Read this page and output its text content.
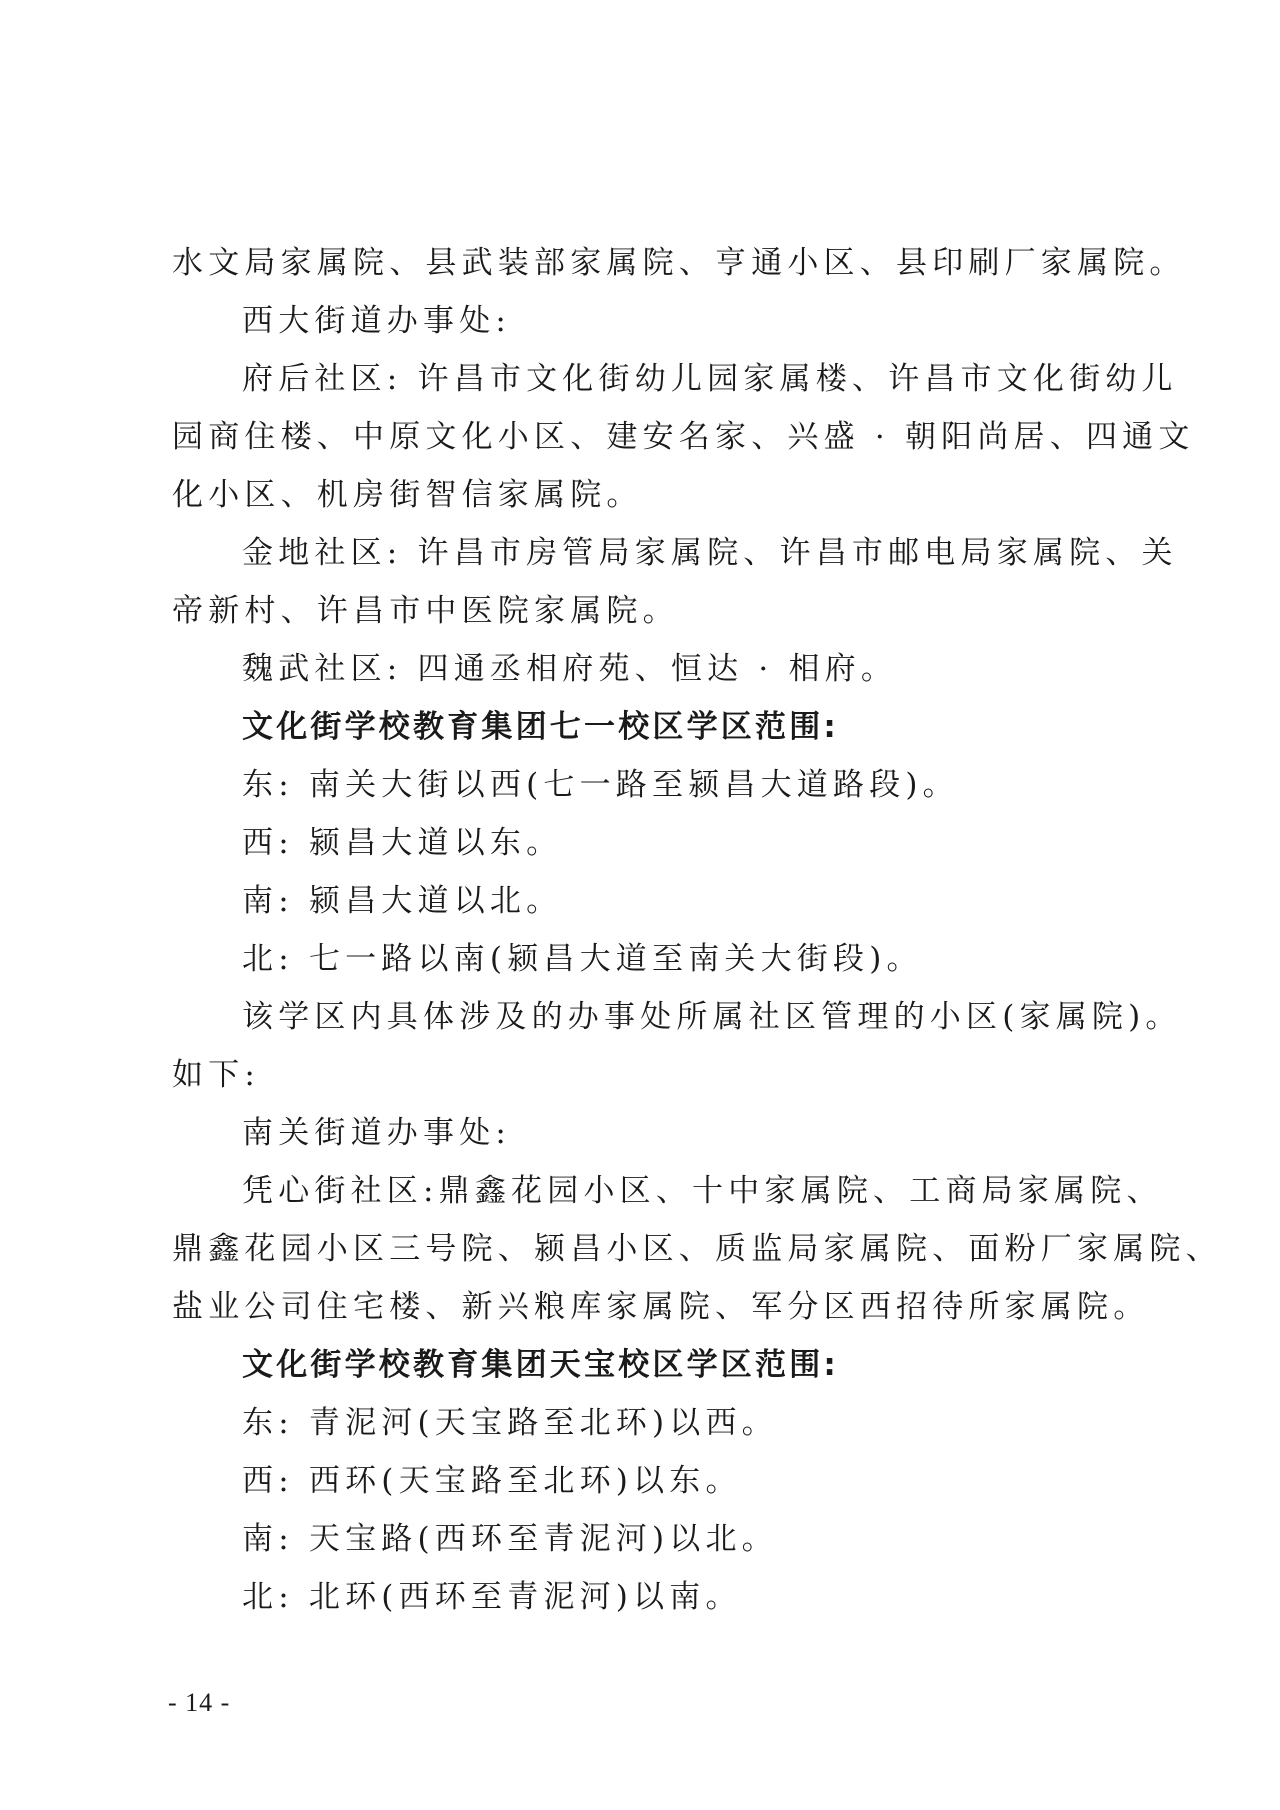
水文局家属院、县武装部家属院、亨通小区、县印刷厂家属院。
西大街道办事处:
府后社区: 许昌市文化街幼儿园家属楼、许昌市文化街幼儿
园商住楼、中原文化小区、建安名家、兴盛 · 朝阳尚居、四通文
化小区、机房街智信家属院。
金地社区: 许昌市房管局家属院、许昌市邮电局家属院、关
帝新村、许昌市中医院家属院。
魏武社区: 四通丞相府苑、恒达 · 相府。
文化街学校教育集团七一校区学区范围:
东: 南关大街以西(七一路至颍昌大道路段)。
西: 颍昌大道以东。
南: 颍昌大道以北。
北: 七一路以南(颍昌大道至南关大街段)。
该学区内具体涉及的办事处所属社区管理的小区(家属院)。
如下:
南关街道办事处:
凭心街社区:鼎鑫花园小区、十中家属院、工商局家属院、
鼎鑫花园小区三号院、颍昌小区、质监局家属院、面粉厂家属院、
盐业公司住宅楼、新兴粮库家属院、军分区西招待所家属院。
文化街学校教育集团天宝校区学区范围:
东: 青泥河(天宝路至北环)以西。
西: 西环(天宝路至北环)以东。
南: 天宝路(西环至青泥河)以北。
北: 北环(西环至青泥河)以南。
- 14 -
